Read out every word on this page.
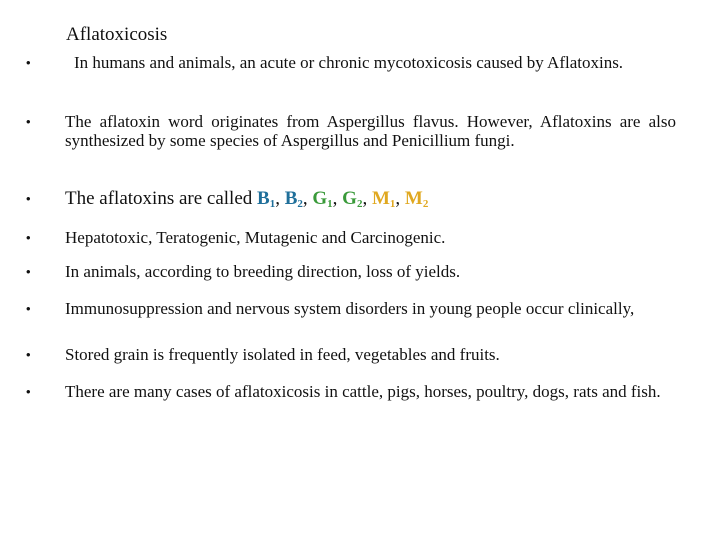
Aflatoxicosis
•	In humans and animals, an acute or chronic mycotoxicosis caused by Aflatoxins.
•	The aflatoxin word originates from Aspergillus flavus. However, Aflatoxins are also synthesized by some species of Aspergillus and Penicillium fungi.
•	The aflatoxins are called $B_1$, $B_2$, $G_1$, $G_2$, $M_1$, $M_2$
•	Hepatotoxic, Teratogenic, Mutagenic and Carcinogenic.
•	In animals, according to breeding direction, loss of yields.
•	Immunosuppression and nervous system disorders in young people occur clinically,
•	Stored grain is frequently isolated in feed, vegetables and fruits.
•	There are many cases of aflatoxicosis in cattle, pigs, horses, poultry, dogs, rats and fish.
